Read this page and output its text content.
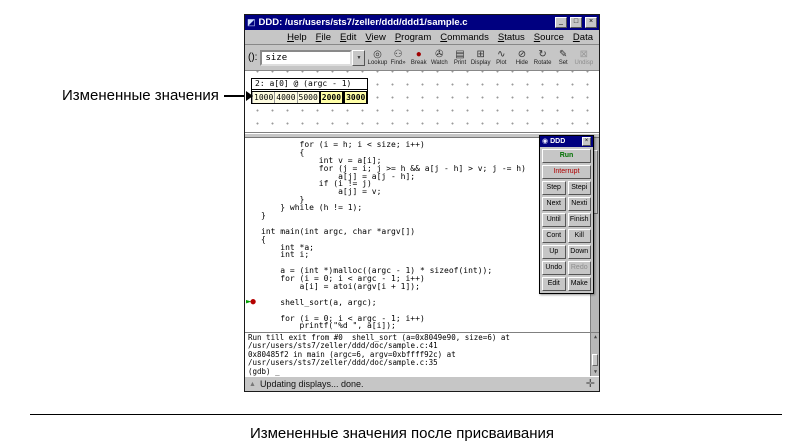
Измененные значения
◩ DDD: /usr/users/sts7/zeller/ddd/ddd1/sample.c	_	□	×
Help File Edit View Program Commands Status Source Data
():
size	▼	◎
Lookup
⚇
Find»
●
Break
✇
Watch
▤
Print
⊞
Display
∿
Plot
⊘
Hide
↻
Rotate
✎
Set
⊠
Undisp
2: a[0] @ (argc - 1)
1000 4000 5000 2000 3000
for (i = h; i < size; i++)
{
int v = a[i];
for (j = i; j >= h && a[j - h] > v; j -= h)
a[j] = a[j - h];
if (i != j)
a[j] = v;
}
} while (h != 1);
}
int main(int argc, char *argv[])
{
int *a;
int i;
a = (int *)malloc((argc - 1) * sizeof(int));
for (i = 0; i < argc - 1; i++)
a[i] = atoi(argv[i + 1]);
►● shell_sort(a, argc);
for (i = 0; i < argc - 1; i++)
printf("%d ", a[i]);
▲
▼
Run till exit from #0  shell_sort (a=0x8049e90, size=6) at
/usr/users/sts7/zeller/ddd/doc/sample.c:41
0x80485f2 in main (argc=6, argv=0xbffff92c) at
/usr/users/sts7/zeller/ddd/doc/sample.c:35
(gdb) _
▲ Updating displays... done.	✛
◉ DDD	×
Run
Interrupt
Step	Stepi
Next	Nexti
Until	Finish
Cont	Kill
Up	Down
Undo	Redo
Edit	Make
Измененные значения после присваивания
